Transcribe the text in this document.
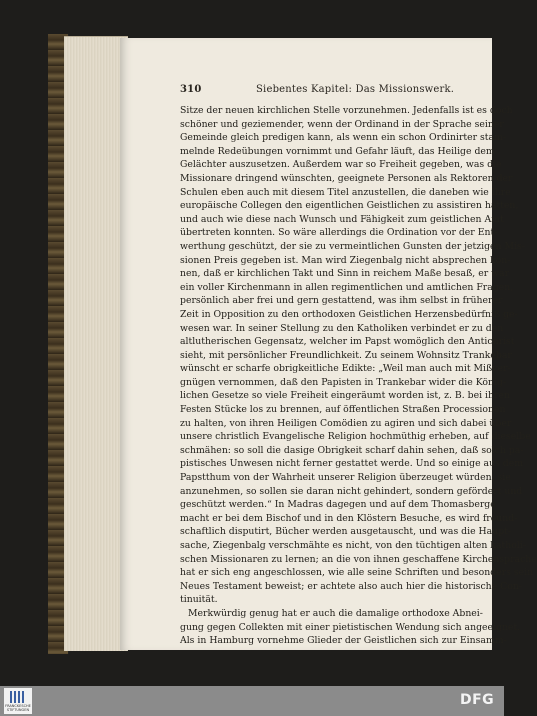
310	Siebentes Kapitel: Das Missionswerk.
Sitze der neuen kirchlichen Stelle vorzunehmen. Jedenfalls ist es doch
schöner und geziemender, wenn der Ordinand in der Sprache seiner
Gemeinde gleich predigen kann, als wenn ein schon Ordinirter stam-
melnde Redeübungen vornimmt und Gefahr läuft, das Heilige dem
Gelächter auszusetzen. Außerdem war so Freiheit gegeben, was die
Missionare dringend wünschten, geeignete Personen als Rektoren der
Schulen eben auch mit diesem Titel anzustellen, die daneben wie ihre
europäische Collegen den eigentlichen Geistlichen zu assistiren hatten,
und auch wie diese nach Wunsch und Fähigkeit zum geistlichen Amt
übertreten konnten. So wäre allerdings die Ordination vor der Ent-
werthung geschützt, der sie zu vermeintlichen Gunsten der jetzigen Mis-
sionen Preis gegeben ist. Man wird Ziegenbalg nicht absprechen kön-
nen, daß er kirchlichen Takt und Sinn in reichem Maße besaß, er war
ein voller Kirchenmann in allen regimentlichen und amtlichen Fragen,
persönlich aber frei und gern gestattend, was ihm selbst in früherer
Zeit in Opposition zu den orthodoxen Geistlichen Herzensbedürfniß ge-
wesen war. In seiner Stellung zu den Katholiken verbindet er zu den
altlutherischen Gegensatz, welcher im Papst womöglich den Antichrist
sieht, mit persönlicher Freundlichkeit. Zu seinem Wohnsitz Trankebar
wünscht er scharfe obrigkeitliche Edikte: „Weil man auch mit Mißver-
gnügen vernommen, daß den Papisten in Trankebar wider die König-
lichen Gesetze so viele Freiheit eingeräumt worden ist, z. B. bei ihren
Festen Stücke los zu brennen, auf öffentlichen Straßen Processionen
zu halten, von ihren Heiligen Comödien zu agiren und sich dabei über
unsere christlich Evangelische Religion hochmüthig erheben, auf dieselbe
schmähen: so soll die dasige Obrigkeit scharf dahin sehen, daß solch pa-
pistisches Unwesen nicht ferner gestattet werde. Und so einige aus dem
Papstthum von der Wahrheit unserer Religion überzeuget würden, sie
anzunehmen, so sollen sie daran nicht gehindert, sondern gefördert und
geschützt werden.“ In Madras dagegen und auf dem Thomasberge
macht er bei dem Bischof und in den Klöstern Besuche, es wird freund-
schaftlich disputirt, Bücher werden ausgetauscht, und was die Haupt-
sache, Ziegenbalg verschmähte es nicht, von den tüchtigen alten katholi-
schen Missionaren zu lernen; an die von ihnen geschaffene Kirchensprache
hat er sich eng angeschlossen, wie alle seine Schriften und besonders sein
Neues Testament beweist; er achtete also auch hier die historische Con-
tinuität.
Merkwürdig genug hat er auch die damalige orthodoxe Abnei-
gung gegen Collekten mit einer pietistischen Wendung sich angeeignet.
Als in Hamburg vornehme Glieder der Geistlichen sich zur Einsamm-
FRANCKESCHE STIFTUNGEN
DFG
